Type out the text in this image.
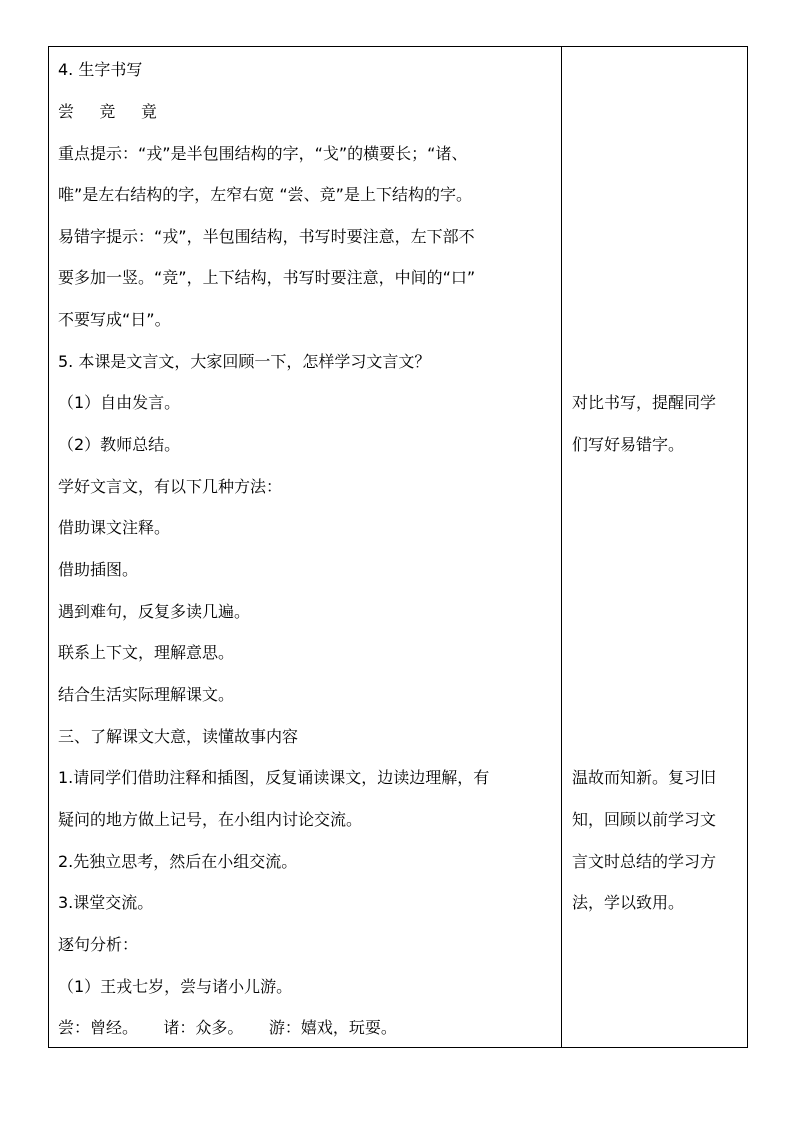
4. 生字书写
尝     竞     竟
重点提示：“戎”是半包围结构的字，“戈”的横要长；“诸、
唯”是左右结构的字，左窄右宽 “尝、竞”是上下结构的字。
易错字提示：“戎”，半包围结构，书写时要注意，左下部不
要多加一竖。“竞”，上下结构，书写时要注意，中间的“口”
不要写成“日”。
5. 本课是文言文，大家回顾一下，怎样学习文言文？
（1）自由发言。
（2）教师总结。
学好文言文，有以下几种方法：
借助课文注释。
借助插图。
遇到难句，反复多读几遍。
联系上下文，理解意思。
结合生活实际理解课文。
三、了解课文大意，读懂故事内容
1.请同学们借助注释和插图，反复诵读课文，边读边理解，有
疑问的地方做上记号，在小组内讨论交流。
2.先独立思考，然后在小组交流。
3.课堂交流。
逐句分析：
（1）王戎七岁，尝与诸小儿游。
尝：曾经。     诸：众多。     游：嬉戏，玩耍。
对比书写，提醒同学
们写好易错字。
温故而知新。复习旧
知，回顾以前学习文
言文时总结的学习方
法，学以致用。
